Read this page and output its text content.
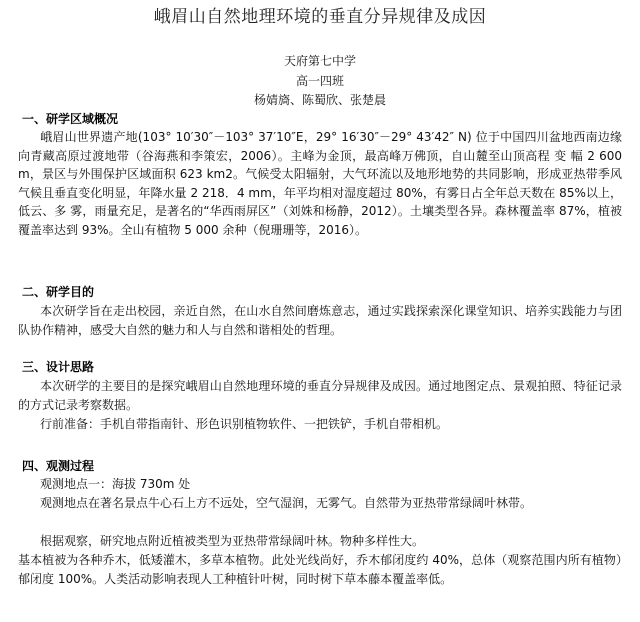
峨眉山自然地理环境的垂直分异规律及成因
天府第七中学
高一四班
杨婧旖、陈蜀欣、张楚晨
一、研学区域概况
峨眉山世界遗产地(103° 10′30″－103° 37′10″E，29° 16′30″－29° 43′42″ N) 位于中国四川盆地西南边缘向青藏高原过渡地带（谷海燕和李策宏，2006）。主峰为金顶，最高峰万佛顶，自山麓至山顶高程 变 幅 2 600 m，景区与外围保护区域面积 623 km2。气候受太阳辐射，大气环流以及地形地势的共同影响，形成亚热带季风气候且垂直变化明显，年降水量 2 218．4 mm，年平均相对湿度超过 80%，有雾日占全年总天数在 85%以上，低云、多 雾，雨量充足，是著名的“华西雨屏区”（刘姝和杨静，2012）。土壤类型各异。森林覆盖率 87%，植被覆盖率达到 93%。全山有植物 5 000 余种（倪珊珊等，2016）。
二、研学目的
本次研学旨在走出校园，亲近自然，在山水自然间磨炼意志，通过实践探索深化课堂知识、培养实践能力与团队协作精神，感受大自然的魅力和人与自然和谐相处的哲理。
三、设计思路
本次研学的主要目的是探究峨眉山自然地理环境的垂直分异规律及成因。通过地图定点、景观拍照、特征记录的方式记录考察数据。
行前准备：手机自带指南针、形色识别植物软件、一把铁铲，手机自带相机。
四、观测过程
观测地点一：海拔 730m 处
观测地点在著名景点牛心石上方不远处，空气湿润，无雾气。自然带为亚热带常绿阔叶林带。
根据观察，研究地点附近植被类型为亚热带常绿阔叶林。物种多样性大。
基本植被为各种乔木，低矮灌木，多草本植物。此处光线尚好，乔木郁闭度约 40%，总体（观察范围内所有植物）郁闭度 100%。人类活动影响表现人工种植针叶树，同时树下草本藤本覆盖率低。
